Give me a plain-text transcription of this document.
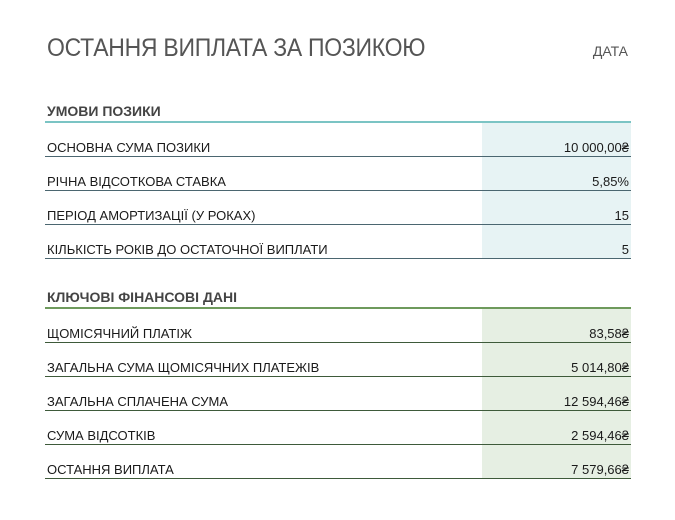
ОСТАННЯ ВИПЛАТА ЗА ПОЗИКОЮ	ДАТА
УМОВИ ПОЗИКИ
ОСНОВНА СУМА ПОЗИКИ	10 000,00₴
РІЧНА ВІДСОТКОВА СТАВКА	5,85%
ПЕРІОД АМОРТИЗАЦІЇ (У РОКАХ)	15
КІЛЬКІСТЬ РОКІВ ДО ОСТАТОЧНОЇ ВИПЛАТИ	5
КЛЮЧОВІ ФІНАНСОВІ ДАНІ
ЩОМІСЯЧНИЙ ПЛАТІЖ	83,58₴
ЗАГАЛЬНА СУМА ЩОМІСЯЧНИХ ПЛАТЕЖІВ	5 014,80₴
ЗАГАЛЬНА СПЛАЧЕНА СУМА	12 594,46₴
СУМА ВІДСОТКІВ	2 594,46₴
ОСТАННЯ ВИПЛАТА	7 579,66₴
